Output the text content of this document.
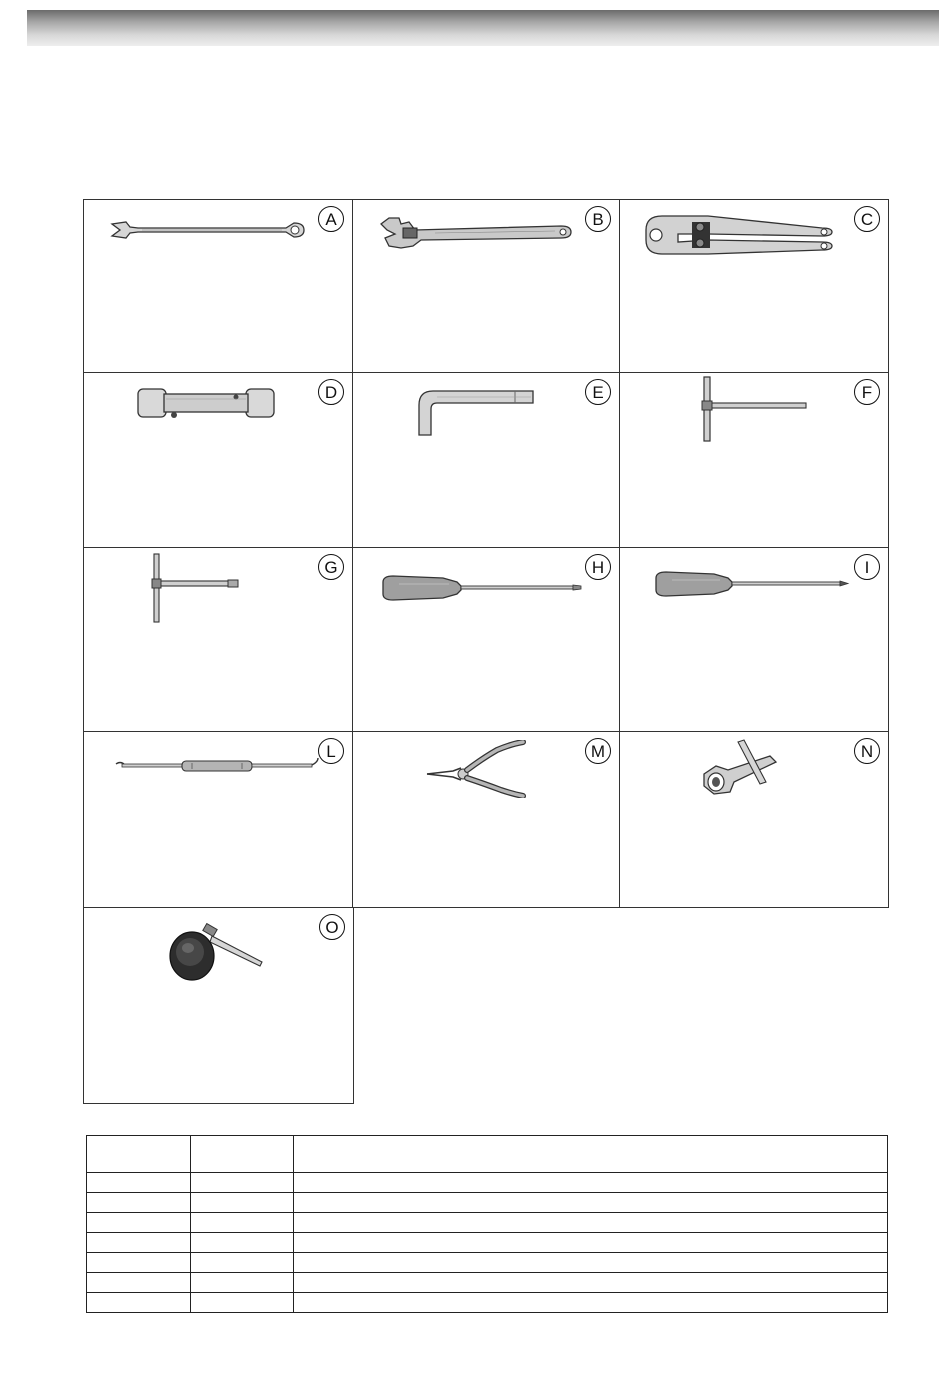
A	B	C
D	E	F
G	H	I
L	M	N
O
